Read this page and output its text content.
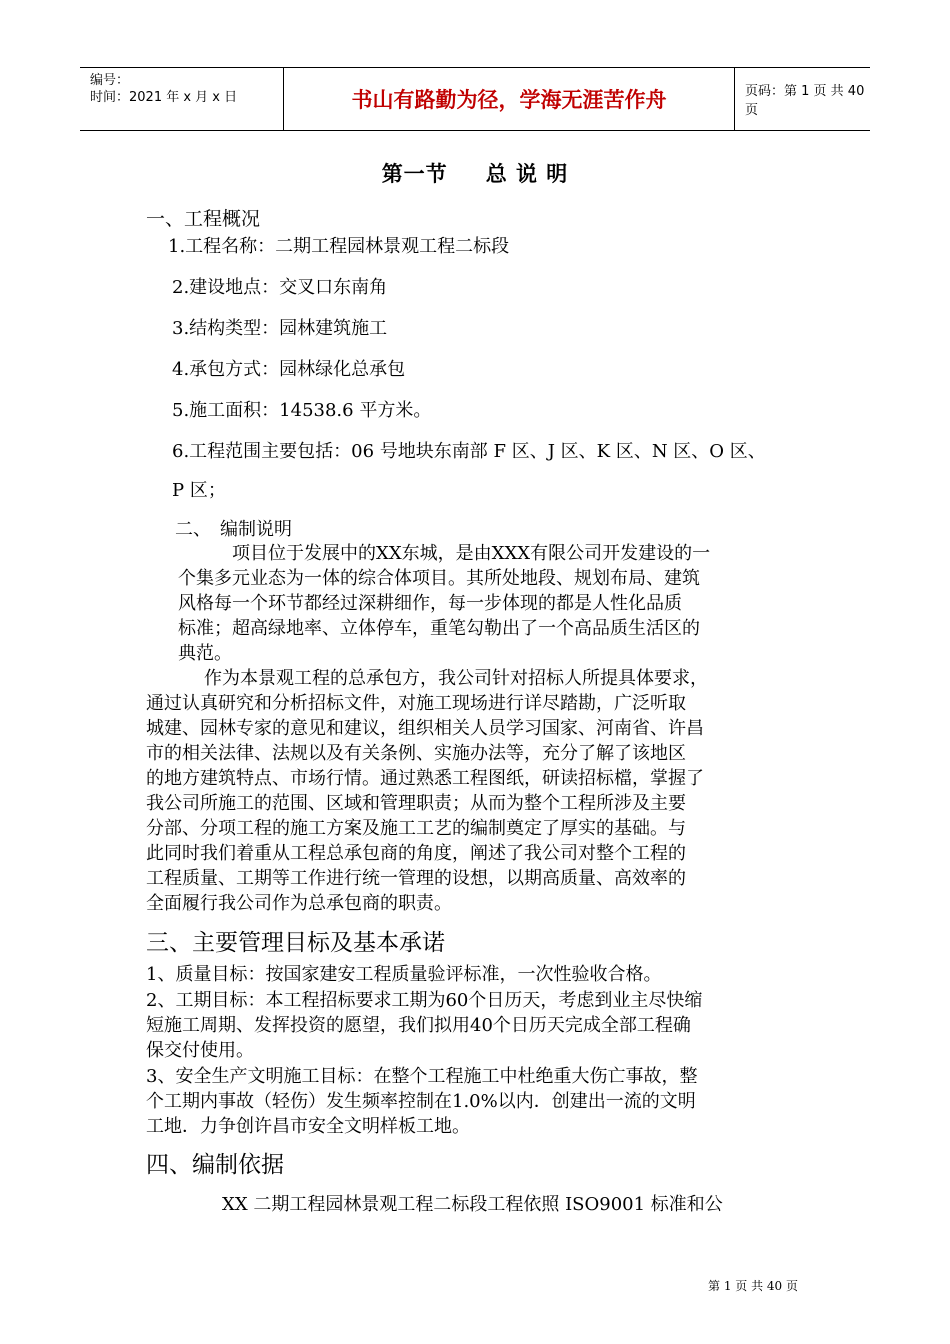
编号：
时间：2021 年 x 月 x 日	书山有路勤为径，学海无涯苦作舟	页码：第 1 页 共 40 页
第一节 总 说 明
一、工程概况
1.工程名称：二期工程园林景观工程二标段
2.建设地点：交叉口东南角
3.结构类型：园林建筑施工
4.承包方式：园林绿化总承包
5.施工面积：14538.6 平方米。
6.工程范围主要包括：06 号地块东南部 F 区、J 区、K 区、N 区、O 区、
P 区；
二、　编制说明
项目位于发展中的XX东城，是由XXX有限公司开发建设的一
个集多元业态为一体的综合体项目。其所处地段、规划布局、建筑
风格每一个环节都经过深耕细作，每一步体现的都是人性化品质
标准；超高绿地率、立体停车，重笔勾勒出了一个高品质生活区的
典范。
作为本景观工程的总承包方，我公司针对招标人所提具体要求，
通过认真研究和分析招标文件，对施工现场进行详尽踏勘，广泛听取
城建、园林专家的意见和建议，组织相关人员学习国家、河南省、许昌
市的相关法律、法规以及有关条例、实施办法等，充分了解了该地区
的地方建筑特点、市场行情。通过熟悉工程图纸，研读招标檔，掌握了
我公司所施工的范围、区域和管理职责；从而为整个工程所涉及主要
分部、分项工程的施工方案及施工工艺的编制奠定了厚实的基础。与
此同时我们着重从工程总承包商的角度，阐述了我公司对整个工程的
工程质量、工期等工作进行统一管理的设想，以期高质量、高效率的
全面履行我公司作为总承包商的职责。
三、主要管理目标及基本承诺
1、质量目标：按国家建安工程质量验评标准，一次性验收合格。
2、工期目标：本工程招标要求工期为60个日历天，考虑到业主尽快缩
短施工周期、发挥投资的愿望，我们拟用40个日历天完成全部工程确
保交付使用。
3、安全生产文明施工目标：在整个工程施工中杜绝重大伤亡事故，整
个工期内事故（轻伤）发生频率控制在1.0%以内．创建出一流的文明
工地．力争创许昌市安全文明样板工地。
四、编制依据
XX 二期工程园林景观工程二标段工程依照 ISO9001 标准和公
第 1 页 共 40 页
